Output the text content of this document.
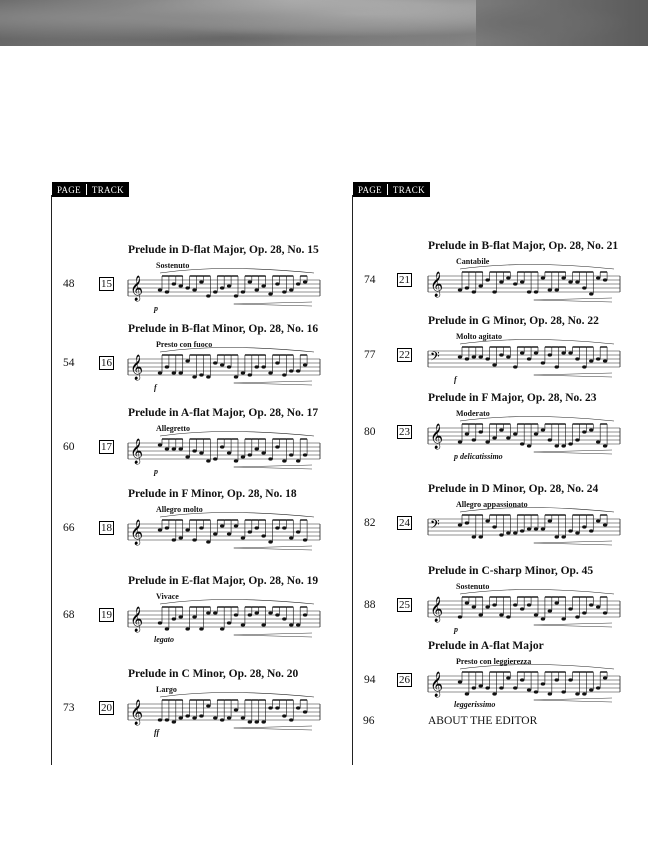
PAGE	TRACK	PAGE	TRACK
Prelude in D-flat Major, Op. 28, No. 15
Sostenuto
48 15 𝄞
p
Prelude in B-flat Minor, Op. 28, No. 16
Presto con fuoco
54 16 𝄞
f
Prelude in A-flat Major, Op. 28, No. 17
Allegretto
60 17 𝄞
p
Prelude in F Minor, Op. 28, No. 18
Allegro molto
66 18 𝄞
Prelude in E-flat Major, Op. 28, No. 19
Vivace
68 19 𝄞
legato
Prelude in C Minor, Op. 28, No. 20
Largo
73 20 𝄞
ff
Prelude in B-flat Major, Op. 28, No. 21
Cantabile
74 21 𝄞
Prelude in G Minor, Op. 28, No. 22
Molto agitato
77 22 𝄢
f
Prelude in F Major, Op. 28, No. 23
Moderato
80 23 𝄞
p delicatissimo
Prelude in D Minor, Op. 28, No. 24
Allegro appassionato
82 24 𝄢
Prelude in C-sharp Minor, Op. 45
Sostenuto
88 25 𝄞
p
Prelude in A-flat Major
Presto con leggierezza
94 26 𝄞
leggerissimo
96	ABOUT THE EDITOR
